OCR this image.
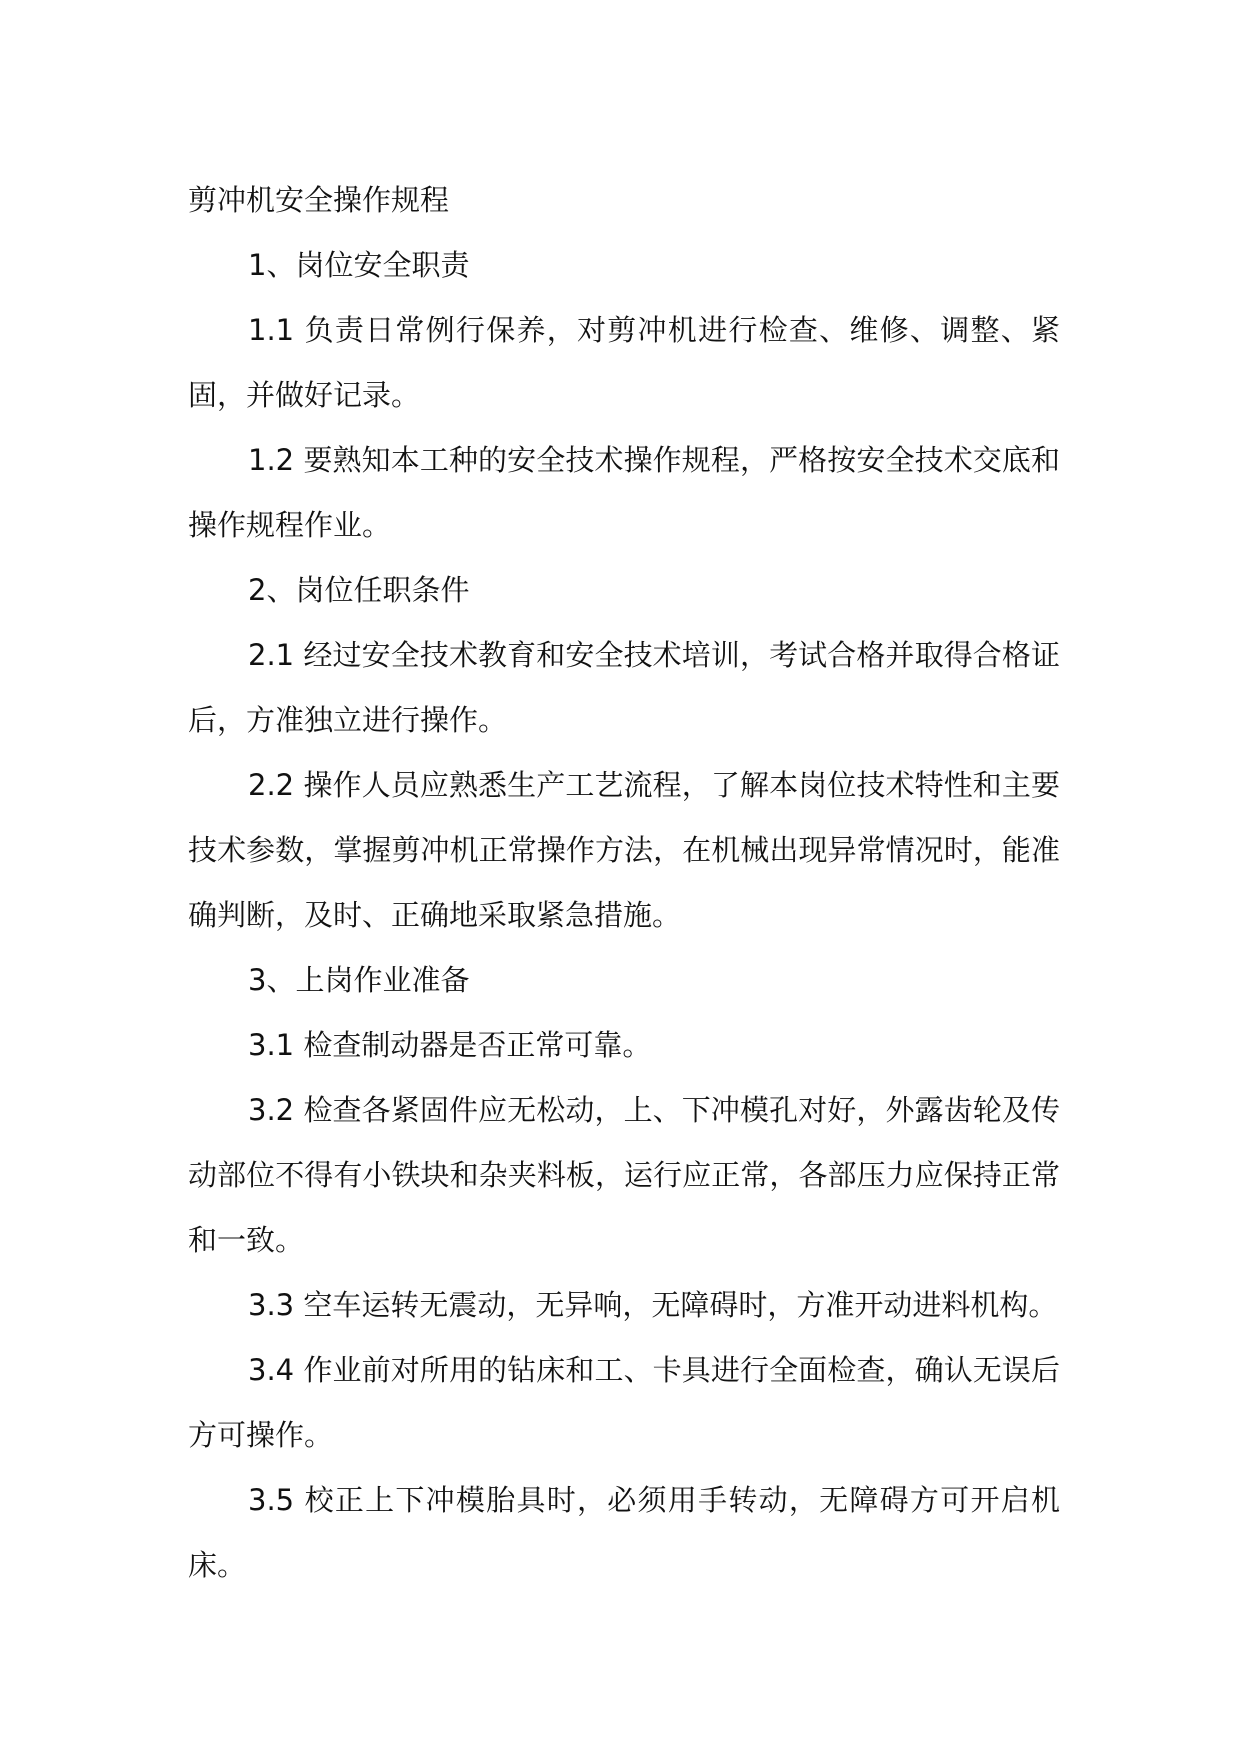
剪冲机安全操作规程

1、岗位安全职责

1.1 负责日常例行保养，对剪冲机进行检查、维修、调整、紧固，并做好记录。

1.2 要熟知本工种的安全技术操作规程，严格按安全技术交底和操作规程作业。

2、岗位任职条件

2.1 经过安全技术教育和安全技术培训，考试合格并取得合格证后，方准独立进行操作。

2.2 操作人员应熟悉生产工艺流程，了解本岗位技术特性和主要技术参数，掌握剪冲机正常操作方法，在机械出现异常情况时，能准确判断，及时、正确地采取紧急措施。

3、上岗作业准备

3.1 检查制动器是否正常可靠。

3.2 检查各紧固件应无松动，上、下冲模孔对好，外露齿轮及传动部位不得有小铁块和杂夹料板，运行应正常，各部压力应保持正常和一致。

3.3 空车运转无震动，无异响，无障碍时，方准开动进料机构。

3.4 作业前对所用的钻床和工、卡具进行全面检查，确认无误后方可操作。

3.5 校正上下冲模胎具时，必须用手转动，无障碍方可开启机床。
